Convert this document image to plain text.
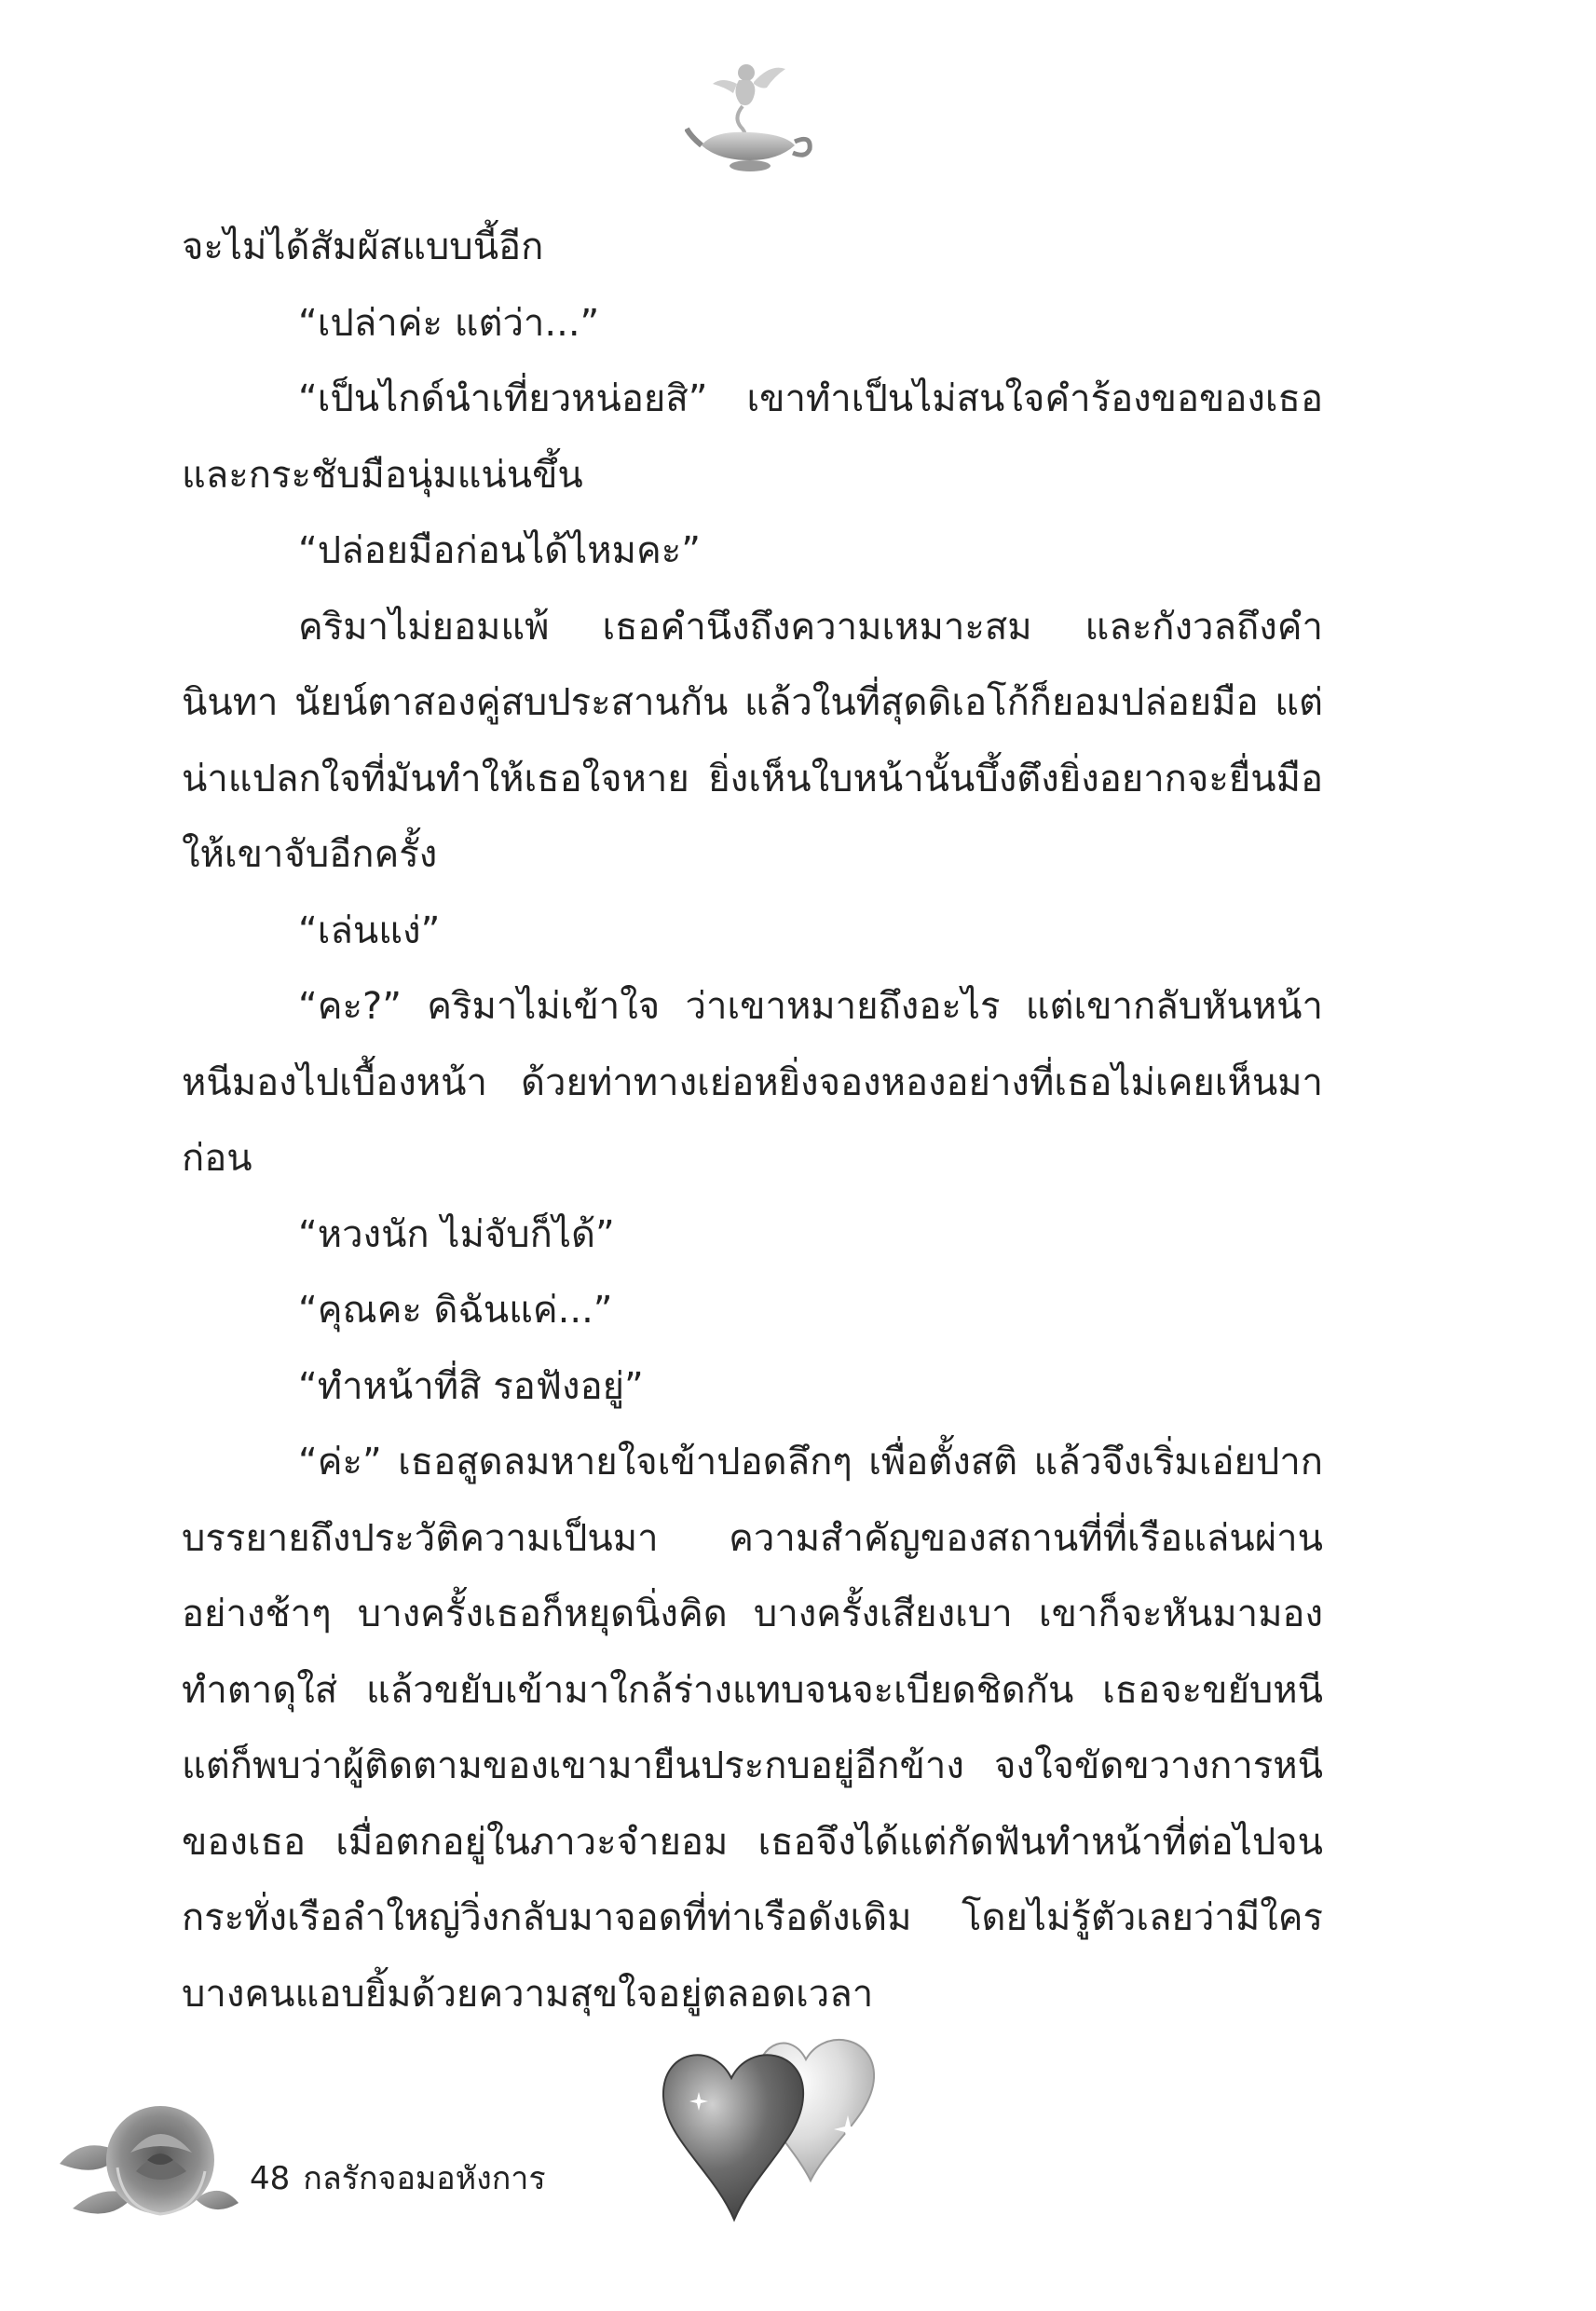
จะไม่ได้สัมผัสแบบนี้อีก

“เปล่าค่ะ แต่ว่า...”

“เป็นไกด์นำเที่ยวหน่อยสิ” เขาทำเป็นไม่สนใจคำร้องขอของเธอและกระชับมือนุ่มแน่นขึ้น

“ปล่อยมือก่อนได้ไหมคะ”

คริมาไม่ยอมแพ้ เธอคำนึงถึงความเหมาะสม และกังวลถึงคำนินทา นัยน์ตาสองคู่สบประสานกัน แล้วในที่สุดดิเอโก้ก็ยอมปล่อยมือ แต่น่าแปลกใจที่มันทำให้เธอใจหาย ยิ่งเห็นใบหน้านั้นบึ้งตึงยิ่งอยากจะยื่นมือให้เขาจับอีกครั้ง

“เล่นแง่”

“คะ?” คริมาไม่เข้าใจ ว่าเขาหมายถึงอะไร แต่เขากลับหันหน้าหนีมองไปเบื้องหน้า ด้วยท่าทางเย่อหยิ่งจองหองอย่างที่เธอไม่เคยเห็นมาก่อน

“หวงนัก ไม่จับก็ได้”

“คุณคะ ดิฉันแค่...”

“ทำหน้าที่สิ รอฟังอยู่”

“ค่ะ” เธอสูดลมหายใจเข้าปอดลึกๆ เพื่อตั้งสติ แล้วจึงเริ่มเอ่ยปากบรรยายถึงประวัติความเป็นมา ความสำคัญของสถานที่ที่เรือแล่นผ่านอย่างช้าๆ บางครั้งเธอก็หยุดนิ่งคิด บางครั้งเสียงเบา เขาก็จะหันมามองทำตาดุใส่ แล้วขยับเข้ามาใกล้ร่างแทบจนจะเบียดชิดกัน เธอจะขยับหนีแต่ก็พบว่าผู้ติดตามของเขามายืนประกบอยู่อีกข้าง จงใจขัดขวางการหนีของเธอ เมื่อตกอยู่ในภาวะจำยอม เธอจึงได้แต่กัดฟันทำหน้าที่ต่อไปจนกระทั่งเรือลำใหญ่วิ่งกลับมาจอดที่ท่าเรือดังเดิม โดยไม่รู้ตัวเลยว่ามีใครบางคนแอบยิ้มด้วยความสุขใจอยู่ตลอดเวลา

48 กลรักจอมอหังการ
